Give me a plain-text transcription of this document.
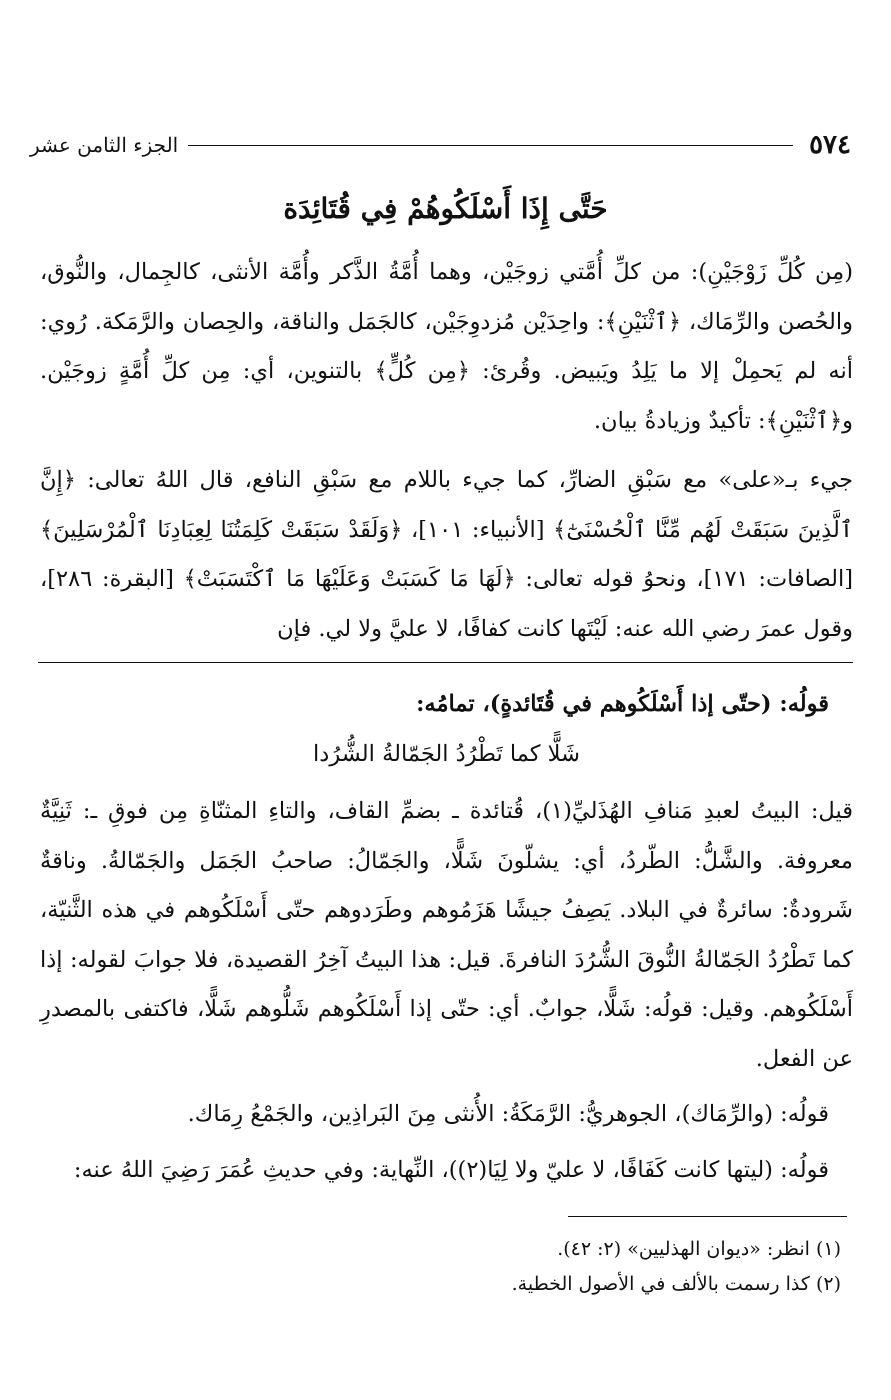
٥٧٤
الجزء الثامن عشر
حَتَّى إِذَا أَسْلَكُوهُمْ فِي قُتَائِدَة

(مِن كُلِّ زَوْجَيْنِ): من كلِّ أُمَّتي زوجَيْن، وهما أُمَّةُ الذَّكر وأُمَّة الأنثى، كالجِمال، والنُّوق، والحُصن والرِّمَاك، ﴿ٱثْنَيْنِ﴾: واحِدَيْن مُزدوِجَيْن، كالجَمَل والناقة، والحِصان والرَّمَكة. رُوي: أنه لم يَحمِلْ إلا ما يَلِدُ ويَبيض. وقُرئ: ﴿مِن كُلٍّ﴾ بالتنوين، أي: مِن كلِّ أُمَّةٍ زوجَيْن. و﴿ٱثْنَيْنِ﴾: تأكيدٌ وزيادةُ بيان.

جيء بـ«على» مع سَبْقِ الضارِّ، كما جيء باللام مع سَبْقِ النافع، قال اللهُ تعالى: ﴿إِنَّ ٱلَّذِينَ سَبَقَتْ لَهُم مِّنَّا ٱلْحُسْنَىٰٓ﴾ [الأنبياء: ١٠١]، ﴿وَلَقَدْ سَبَقَتْ كَلِمَتُنَا لِعِبَادِنَا ٱلْمُرْسَلِينَ﴾ [الصافات: ١٧١]، ونحوُ قوله تعالى: ﴿لَهَا مَا كَسَبَتْ وَعَلَيْهَا مَا ٱكْتَسَبَتْ﴾ [البقرة: ٢٨٦]، وقول عمرَ رضي الله عنه: لَيْتَها كانت كفافًا، لا عليَّ ولا لي. فإن

قولُه: (حتّى إذا أَسْلَكُوهم في قُتَائدةٍ)، تمامُه:

شَلًّا كما تَطْرُدُ الجَمّالةُ الشُّرُدا

قيل: البيتُ لعبدِ مَنافِ الهُذَليِّ(١)، قُتائدة ـ بضمِّ القاف، والتاءِ المثنّاةِ مِن فوقِ ـ: ثَنِيَّةٌ معروفة. والشَّلُّ: الطّردُ، أي: يشلّونَ شَلًّا، والجَمّالُ: صاحبُ الجَمَل والجَمّالةُ. وناقةٌ شَرودةٌ: سائرةٌ في البلاد. يَصِفُ جيشًا هَزَمُوهم وطَرَدوهم حتّى أَسْلَكُوهم في هذه الثَّنيّة، كما تَطْرُدُ الجَمّالةُ النُّوقَ الشُّرُدَ النافرةَ. قيل: هذا البيتُ آخِرُ القصيدة، فلا جوابَ لقوله: إذا أَسْلَكُوهم. وقيل: قولُه: شَلًّا، جوابٌ. أي: حتّى إذا أَسْلَكُوهم شَلُّوهم شَلًّا، فاكتفى بالمصدرِ عن الفعل.

قولُه: (والرِّمَاك)، الجوهريُّ: الرَّمَكَةُ: الأُنثى مِنَ البَراذِين، والجَمْعُ رِمَاك.

قولُه: (ليتها كانت كَفَافًا، لا عليّ ولا لِيَا(٢))، النِّهاية: وفي حديثِ عُمَرَ رَضِيَ اللهُ عنه:

(١) انظر: «ديوان الهذليين» (٢: ٤٢).

(٢) كذا رسمت بالألف في الأصول الخطية.
